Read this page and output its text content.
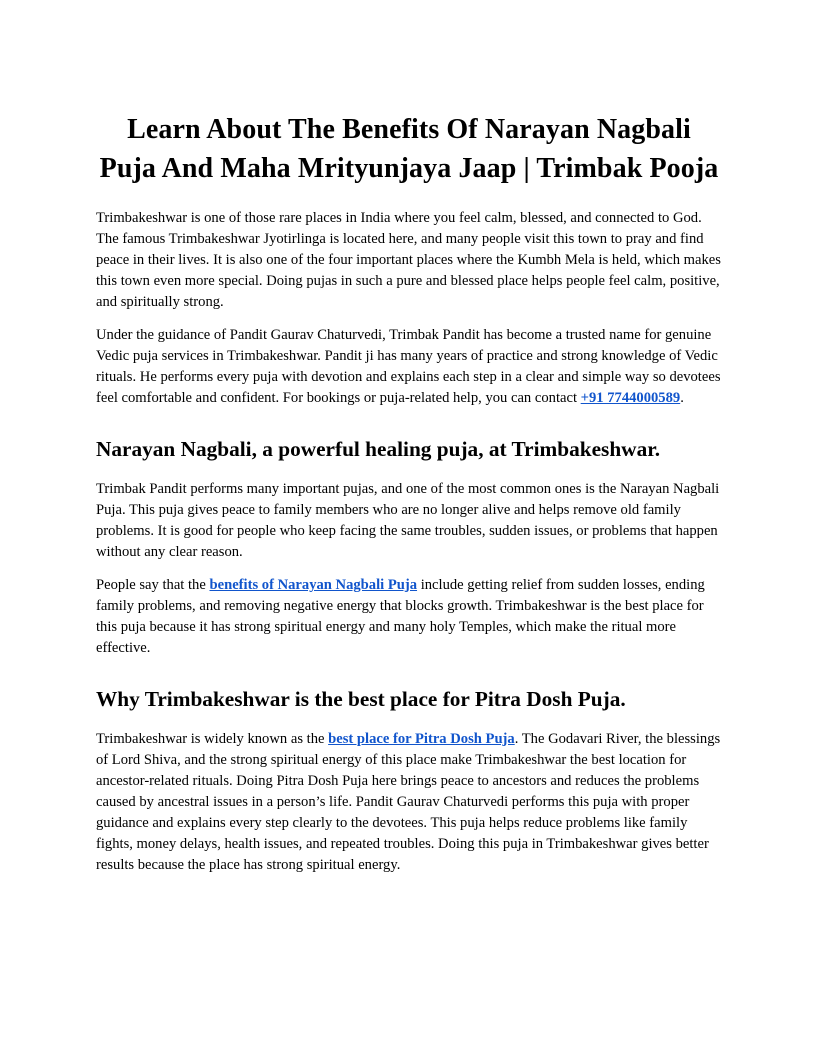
Learn About The Benefits Of Narayan Nagbali
Puja And Maha Mrityunjaya Jaap | Trimbak Pooja

Trimbakeshwar is one of those rare places in India where you feel calm, blessed, and connected to God. The famous Trimbakeshwar Jyotirlinga is located here, and many people visit this town to pray and find peace in their lives. It is also one of the four important places where the Kumbh Mela is held, which makes this town even more special. Doing pujas in such a pure and blessed place helps people feel calm, positive, and spiritually strong.

Under the guidance of Pandit Gaurav Chaturvedi, Trimbak Pandit has become a trusted name for genuine Vedic puja services in Trimbakeshwar. Pandit ji has many years of practice and strong knowledge of Vedic rituals. He performs every puja with devotion and explains each step in a clear and simple way so devotees feel comfortable and confident. For bookings or puja-related help, you can contact +91 7744000589.

Narayan Nagbali, a powerful healing puja, at Trimbakeshwar.

Trimbak Pandit performs many important pujas, and one of the most common ones is the Narayan Nagbali Puja. This puja gives peace to family members who are no longer alive and helps remove old family problems. It is good for people who keep facing the same troubles, sudden issues, or problems that happen without any clear reason.

People say that the benefits of Narayan Nagbali Puja include getting relief from sudden losses, ending family problems, and removing negative energy that blocks growth. Trimbakeshwar is the best place for this puja because it has strong spiritual energy and many holy Temples, which make the ritual more effective.

Why Trimbakeshwar is the best place for Pitra Dosh Puja.

Trimbakeshwar is widely known as the best place for Pitra Dosh Puja. The Godavari River, the blessings of Lord Shiva, and the strong spiritual energy of this place make Trimbakeshwar the best location for ancestor-related rituals. Doing Pitra Dosh Puja here brings peace to ancestors and reduces the problems caused by ancestral issues in a person’s life. Pandit Gaurav Chaturvedi performs this puja with proper guidance and explains every step clearly to the devotees. This puja helps reduce problems like family fights, money delays, health issues, and repeated troubles. Doing this puja in Trimbakeshwar gives better results because the place has strong spiritual energy.
